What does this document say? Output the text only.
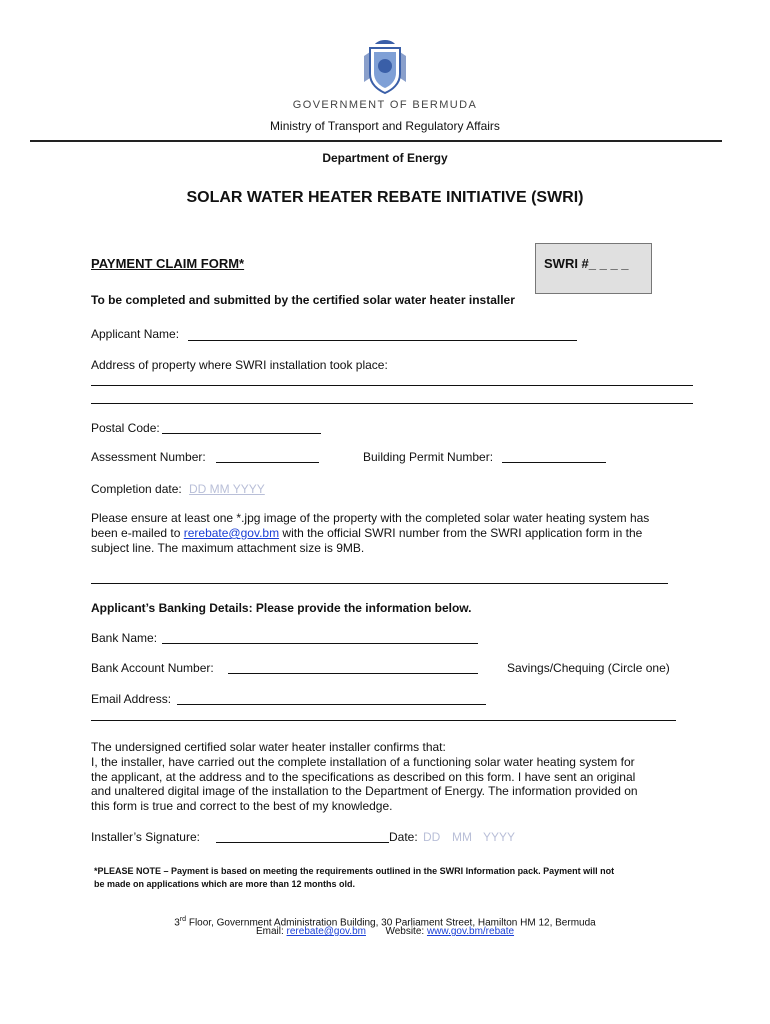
GOVERNMENT OF BERMUDA
Ministry of Transport and Regulatory Affairs
Department of Energy
SOLAR WATER HEATER REBATE INITIATIVE (SWRI)
PAYMENT CLAIM FORM*	SWRI #_ _ _ _
To be completed and submitted by the certified solar water heater installer
Applicant Name:
Address of property where SWRI installation took place:
Postal Code:
Assessment Number:	Building Permit Number:
Completion date: DD MM YYYY
Please ensure at least one *.jpg image of the property with the completed solar water heating system has
been e-mailed to rerebate@gov.bm with the official SWRI number from the SWRI application form in the
subject line. The maximum attachment size is 9MB.
Applicant’s Banking Details: Please provide the information below.
Bank Name:
Bank Account Number:	Savings/Chequing (Circle one)
Email Address:
The undersigned certified solar water heater installer confirms that:
I, the installer, have carried out the complete installation of a functioning solar water heating system for
the applicant, at the address and to the specifications as described on this form. I have sent an original
and unaltered digital image of the installation to the Department of Energy. The information provided on
this form is true and correct to the best of my knowledge.
Installer’s Signature:	Date: DD MM YYYY
*PLEASE NOTE – Payment is based on meeting the requirements outlined in the SWRI Information pack. Payment will not
be made on applications which are more than 12 months old.
3rd Floor, Government Administration Building, 30 Parliament Street, Hamilton HM 12, Bermuda
Email: rerebate@gov.bm Website: www.gov.bm/rebate
